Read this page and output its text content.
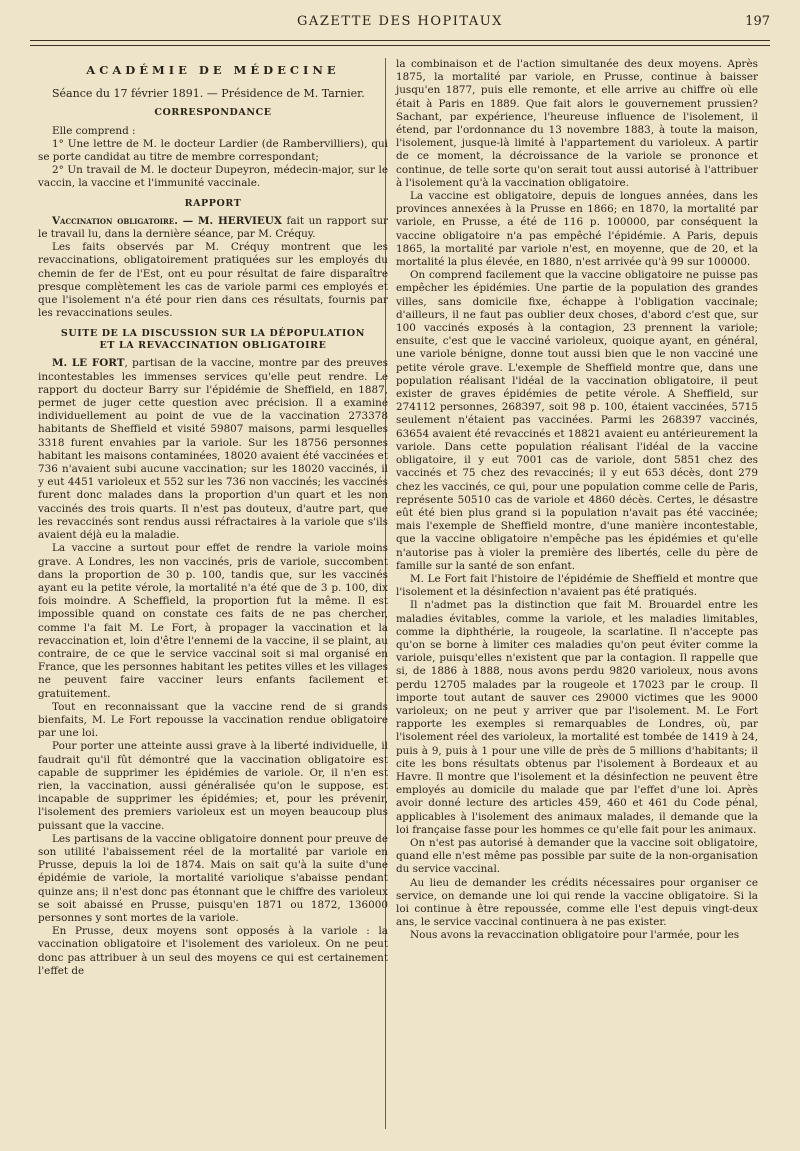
GAZETTE DES HOPITAUX	197
ACADÉMIE DE MÉDECINE

Séance du 17 février 1891. — Présidence de M. Tarnier.

CORRESPONDANCE

Elle comprend :

1° Une lettre de M. le docteur Lardier (de Rambervilliers), qui se porte candidat au titre de membre correspondant;

2° Un travail de M. le docteur Dupeyron, médecin-major, sur le vaccin, la vaccine et l'immunité vaccinale.

RAPPORT

Vaccination obligatoire. — M. HERVIEUX fait un rapport sur le travail lu, dans la dernière séance, par M. Créquy.

Les faits observés par M. Créquy montrent que les revaccinations, obligatoirement pratiquées sur les employés du chemin de fer de l'Est, ont eu pour résultat de faire disparaître presque complètement les cas de variole parmi ces employés et que l'isolement n'a été pour rien dans ces résultats, fournis par les revaccinations seules.

SUITE DE LA DISCUSSION SUR LA DÉPOPULATION
ET LA REVACCINATION OBLIGATOIRE

M. LE FORT, partisan de la vaccine, montre par des preuves incontestables les immenses services qu'elle peut rendre. Le rapport du docteur Barry sur l'épidémie de Sheffield, en 1887, permet de juger cette question avec précision. Il a examiné individuellement au point de vue de la vaccination 273378 habitants de Sheffield et visité 59807 maisons, parmi lesquelles 3318 furent envahies par la variole. Sur les 18756 personnes habitant les maisons contaminées, 18020 avaient été vaccinées et 736 n'avaient subi aucune vaccination; sur les 18020 vaccinés, il y eut 4451 varioleux et 552 sur les 736 non vaccinés; les vaccinés furent donc malades dans la proportion d'un quart et les non vaccinés des trois quarts. Il n'est pas douteux, d'autre part, que les revaccinés sont rendus aussi réfractaires à la variole que s'ils avaient déjà eu la maladie.

La vaccine a surtout pour effet de rendre la variole moins grave. A Londres, les non vaccinés, pris de variole, succombent dans la proportion de 30 p. 100, tandis que, sur les vaccinés ayant eu la petite vérole, la mortalité n'a été que de 3 p. 100, dix fois moindre. A Scheffield, la proportion fut la même. Il est impossible quand on constate ces faits de ne pas chercher, comme l'a fait M. Le Fort, à propager la vaccination et la revaccination et, loin d'être l'ennemi de la vaccine, il se plaint, au contraire, de ce que le service vaccinal soit si mal organisé en France, que les personnes habitant les petites villes et les villages ne peuvent faire vacciner leurs enfants facilement et gratuitement.

Tout en reconnaissant que la vaccine rend de si grands bienfaits, M. Le Fort repousse la vaccination rendue obligatoire par une loi.

Pour porter une atteinte aussi grave à la liberté individuelle, il faudrait qu'il fût démontré que la vaccination obligatoire est capable de supprimer les épidémies de variole. Or, il n'en est rien, la vaccination, aussi généralisée qu'on le suppose, est incapable de supprimer les épidémies; et, pour les prévenir, l'isolement des premiers varioleux est un moyen beaucoup plus puissant que la vaccine.

Les partisans de la vaccine obligatoire donnent pour preuve de son utilité l'abaissement réel de la mortalité par variole en Prusse, depuis la loi de 1874. Mais on sait qu'à la suite d'une épidémie de variole, la mortalité variolique s'abaisse pendant quinze ans; il n'est donc pas étonnant que le chiffre des varioleux se soit abaissé en Prusse, puisqu'en 1871 ou 1872, 136000 personnes y sont mortes de la variole.

En Prusse, deux moyens sont opposés à la variole : la vaccination obligatoire et l'isolement des varioleux. On ne peut donc pas attribuer à un seul des moyens ce qui est certainement l'effet de

la combinaison et de l'action simultanée des deux moyens. Après 1875, la mortalité par variole, en Prusse, continue à baisser jusqu'en 1877, puis elle remonte, et elle arrive au chiffre où elle était à Paris en 1889. Que fait alors le gouvernement prussien? Sachant, par expérience, l'heureuse influence de l'isolement, il étend, par l'ordonnance du 13 novembre 1883, à toute la maison, l'isolement, jusque-là limité à l'appartement du varioleux. A partir de ce moment, la décroissance de la variole se prononce et continue, de telle sorte qu'on serait tout aussi autorisé à l'attribuer à l'isolement qu'à la vaccination obligatoire.

La vaccine est obligatoire, depuis de longues années, dans les provinces annexées à la Prusse en 1866; en 1870, la mortalité par variole, en Prusse, a été de 116 p. 100000, par conséquent la vaccine obligatoire n'a pas empêché l'épidémie. A Paris, depuis 1865, la mortalité par variole n'est, en moyenne, que de 20, et la mortalité la plus élevée, en 1880, n'est arrivée qu'à 99 sur 100000.

On comprend facilement que la vaccine obligatoire ne puisse pas empêcher les épidémies. Une partie de la population des grandes villes, sans domicile fixe, échappe à l'obligation vaccinale; d'ailleurs, il ne faut pas oublier deux choses, d'abord c'est que, sur 100 vaccinés exposés à la contagion, 23 prennent la variole; ensuite, c'est que le vacciné varioleux, quoique ayant, en général, une variole bénigne, donne tout aussi bien que le non vacciné une petite vérole grave. L'exemple de Sheffield montre que, dans une population réalisant l'idéal de la vaccination obligatoire, il peut exister de graves épidémies de petite vérole. A Sheffield, sur 274112 personnes, 268397, soit 98 p. 100, étaient vaccinées, 5715 seulement n'étaient pas vaccinées. Parmi les 268397 vaccinés, 63654 avaient été revaccinés et 18821 avaient eu antérieurement la variole. Dans cette population réalisant l'idéal de la vaccine obligatoire, il y eut 7001 cas de variole, dont 5851 chez des vaccinés et 75 chez des revaccinés; il y eut 653 décès, dont 279 chez les vaccinés, ce qui, pour une population comme celle de Paris, représente 50510 cas de variole et 4860 décès. Certes, le désastre eût été bien plus grand si la population n'avait pas été vaccinée; mais l'exemple de Sheffield montre, d'une manière incontestable, que la vaccine obligatoire n'empêche pas les épidémies et qu'elle n'autorise pas à violer la première des libertés, celle du père de famille sur la santé de son enfant.

M. Le Fort fait l'histoire de l'épidémie de Sheffield et montre que l'isolement et la désinfection n'avaient pas été pratiqués.

Il n'admet pas la distinction que fait M. Brouardel entre les maladies évitables, comme la variole, et les maladies limitables, comme la diphthérie, la rougeole, la scarlatine. Il n'accepte pas qu'on se borne à limiter ces maladies qu'on peut éviter comme la variole, puisqu'elles n'existent que par la contagion. Il rappelle que si, de 1886 à 1888, nous avons perdu 9820 varioleux, nous avons perdu 12705 malades par la rougeole et 17023 par le croup. Il importe tout autant de sauver ces 29000 victimes que les 9000 varioleux; on ne peut y arriver que par l'isolement. M. Le Fort rapporte les exemples si remarquables de Londres, où, par l'isolement réel des varioleux, la mortalité est tombée de 1419 à 24, puis à 9, puis à 1 pour une ville de près de 5 millions d'habitants; il cite les bons résultats obtenus par l'isolement à Bordeaux et au Havre. Il montre que l'isolement et la désinfection ne peuvent être employés au domicile du malade que par l'effet d'une loi. Après avoir donné lecture des articles 459, 460 et 461 du Code pénal, applicables à l'isolement des animaux malades, il demande que la loi française fasse pour les hommes ce qu'elle fait pour les animaux.

On n'est pas autorisé à demander que la vaccine soit obligatoire, quand elle n'est même pas possible par suite de la non-organisation du service vaccinal.

Au lieu de demander les crédits nécessaires pour organiser ce service, on demande une loi qui rende la vaccine obligatoire. Si la loi continue à être repoussée, comme elle l'est depuis vingt-deux ans, le service vaccinal continuera à ne pas exister.

Nous avons la revaccination obligatoire pour l'armée, pour les
